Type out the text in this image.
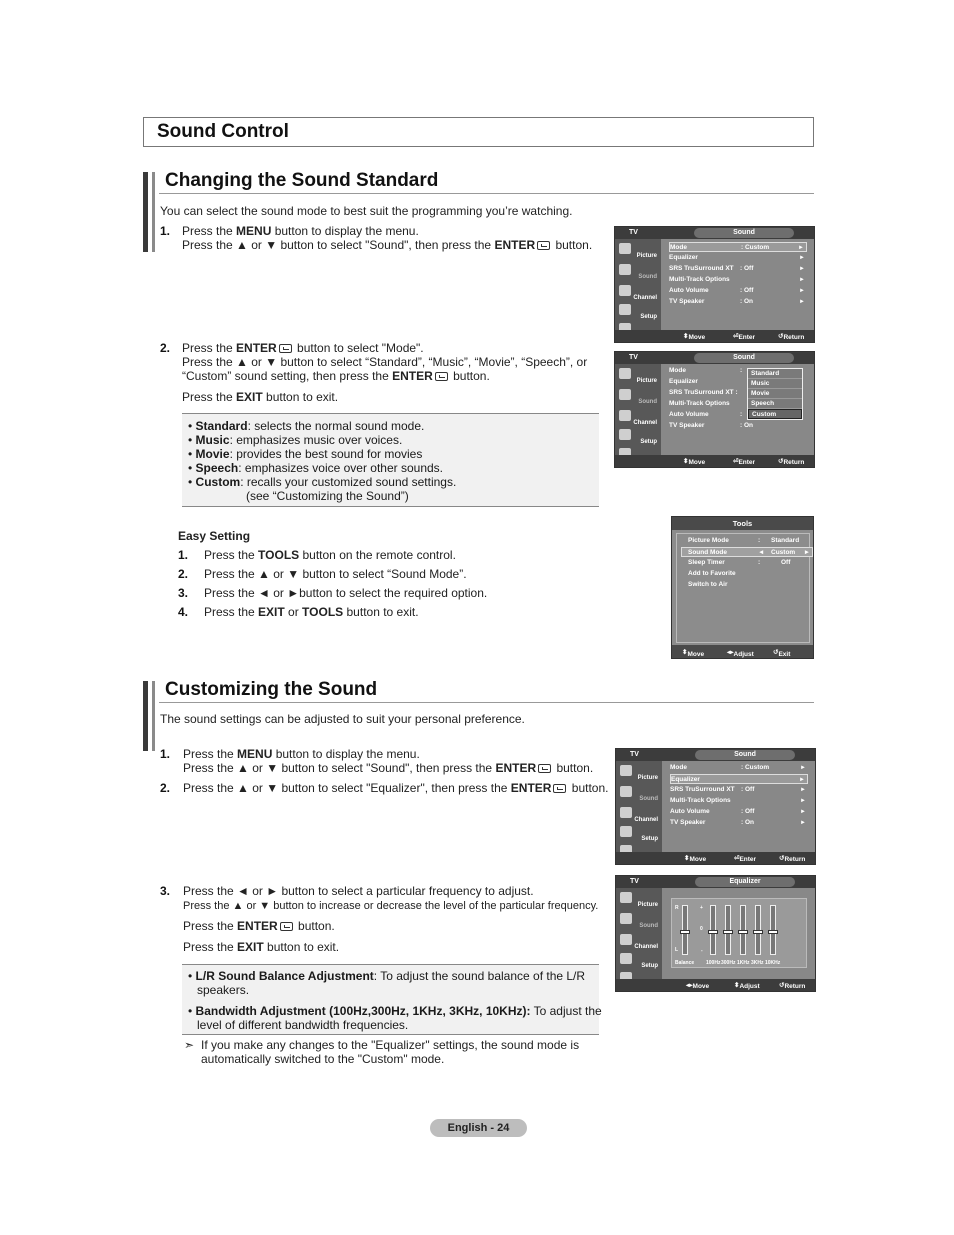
Sound Control
Changing the Sound Standard
You can select the sound mode to best suit the programming you’re watching.
1. Press the MENU button to display the menu.
Press the ▲ or ▼ button to select "Sound", then press the ENTER button.
2. Press the ENTER button to select "Mode".
Press the ▲ or ▼ button to select “Standard”, “Music”, “Movie”, “Speech”, or
“Custom” sound setting, then press the ENTER button.
Press the EXIT button to exit.
• Standard: selects the normal sound mode.
• Music: emphasizes music over voices.
• Movie: provides the best sound for movies
• Speech: emphasizes voice over other sounds.
• Custom: recalls your customized sound settings.
(see “Customizing the Sound”)
Easy Setting
1. Press the TOOLS button on the remote control.
2. Press the ▲ or ▼ button to select “Sound Mode”.
3. Press the ◄ or ►button to select the required option.
4. Press the EXIT or TOOLS button to exit.
TV	Sound
Picture
Sound
Channel
Setup
Mode	: Custom	►
Equalizer	►
SRS TruSurround XT : Off	►
Multi-Track Options	►
Auto Volume	: Off	►
TV Speaker	: On	►
⬍ Move	⏎ Enter	↺ Return
TV	Sound
Picture
Sound
Channel
Setup
Mode	:
Equalizer
SRS TruSurround XT :
Multi-Track Options
Auto Volume	:
TV Speaker	: On
Standard
Music
Movie
Speech
Custom
⬍ Move	⏎ Enter	↺ Return
Tools
Picture Mode	: Standard
Sound Mode	◄ Custom ►
Sleep Timer	:	Off
Add to Favorite
Switch to Air
⬍ Move	◂▸ Adjust	↺ Exit
Customizing the Sound
The sound settings can be adjusted to suit your personal preference.
1. Press the MENU button to display the menu.
Press the ▲ or ▼ button to select "Sound", then press the ENTER button.
2. Press the ▲ or ▼ button to select "Equalizer", then press the ENTER button.
3. Press the ◄ or ► button to select a particular frequency to adjust.
Press the ▲ or ▼ button to increase or decrease the level of the particular frequency.
Press the ENTER button.
Press the EXIT button to exit.
• L/R Sound Balance Adjustment: To adjust the sound balance of the L/R
speakers.
• Bandwidth Adjustment (100Hz,300Hz, 1KHz, 3KHz, 10KHz): To adjust the
level of different bandwidth frequencies.
➣ If you make any changes to the "Equalizer" settings, the sound mode is
automatically switched to the "Custom" mode.
TV	Sound
Picture
Sound
Channel
Setup
Mode	: Custom	►
Equalizer	►
SRS TruSurround XT : Off	►
Multi-Track Options	►
Auto Volume	: Off	►
TV Speaker	: On	►
⬍ Move	⏎ Enter	↺ Return
TV	Equalizer
Picture
Sound
Channel
Setup
R
L
+
0
-
Balance 100Hz 300Hz 1KHz 3KHz 10KHz
◂▸ Move	⬍ Adjust	↺ Return
English - 24
